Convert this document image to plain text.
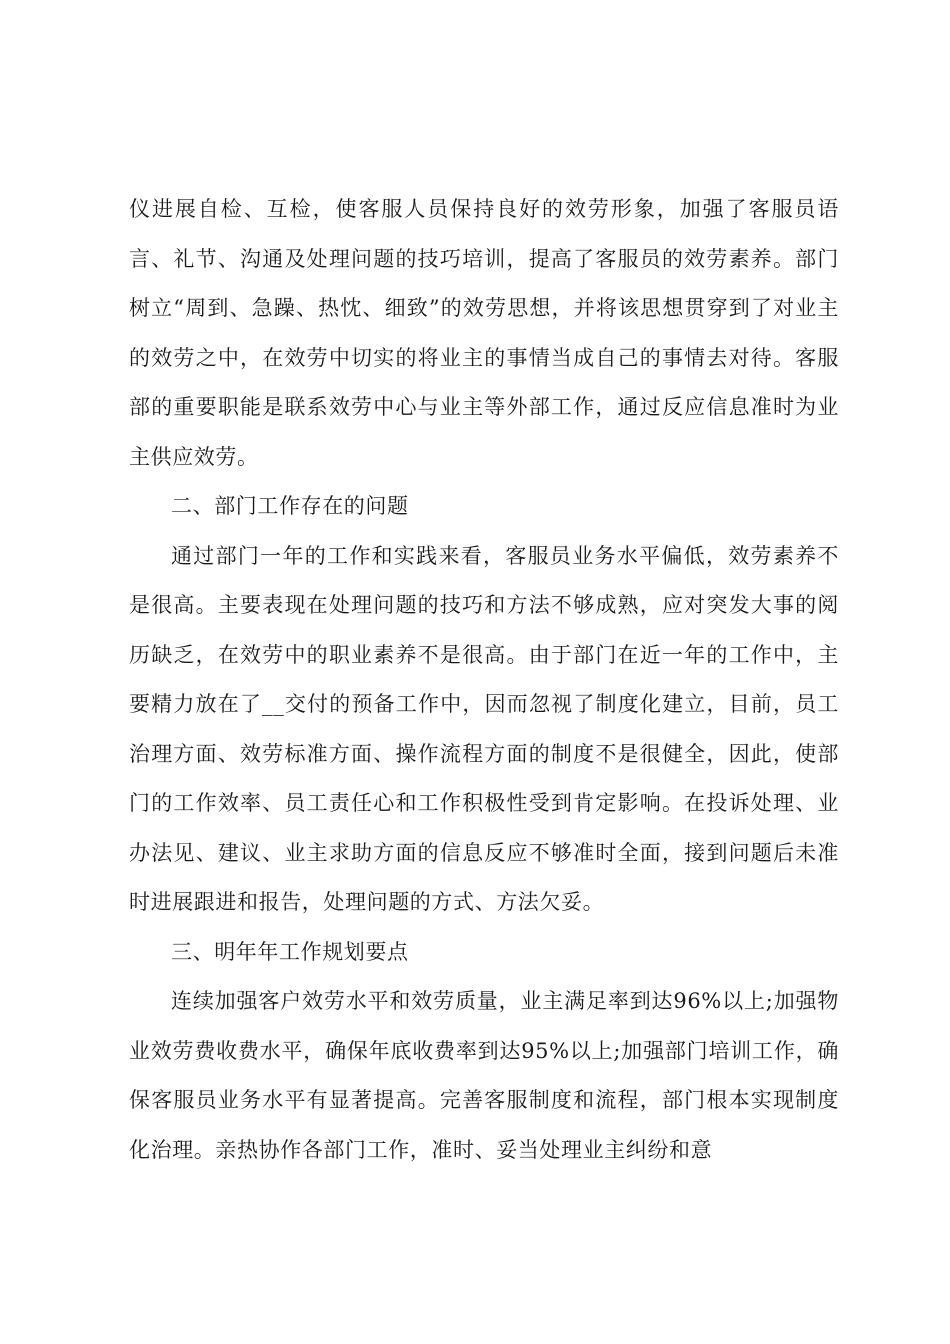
仪进展自检、互检，使客服人员保持良好的效劳形象，加强了客服员语言、礼节、沟通及处理问题的技巧培训，提高了客服员的效劳素养。部门树立“周到、急躁、热忱、细致”的效劳思想，并将该思想贯穿到了对业主的效劳之中，在效劳中切实的将业主的事情当成自己的事情去对待。客服部的重要职能是联系效劳中心与业主等外部工作，通过反应信息准时为业主供应效劳。

二、部门工作存在的问题

通过部门一年的工作和实践来看，客服员业务水平偏低，效劳素养不是很高。主要表现在处理问题的技巧和方法不够成熟，应对突发大事的阅历缺乏，在效劳中的职业素养不是很高。由于部门在近一年的工作中，主要精力放在了__交付的预备工作中，因而忽视了制度化建立，目前，员工治理方面、效劳标准方面、操作流程方面的制度不是很健全，因此，使部门的工作效率、员工责任心和工作积极性受到肯定影响。在投诉处理、业办法见、建议、业主求助方面的信息反应不够准时全面，接到问题后未准时进展跟进和报告，处理问题的方式、方法欠妥。

三、明年年工作规划要点

连续加强客户效劳水平和效劳质量，业主满足率到达96%以上;加强物业效劳费收费水平，确保年底收费率到达95%以上;加强部门培训工作，确保客服员业务水平有显著提高。完善客服制度和流程，部门根本实现制度化治理。亲热协作各部门工作，准时、妥当处理业主纠纷和意
